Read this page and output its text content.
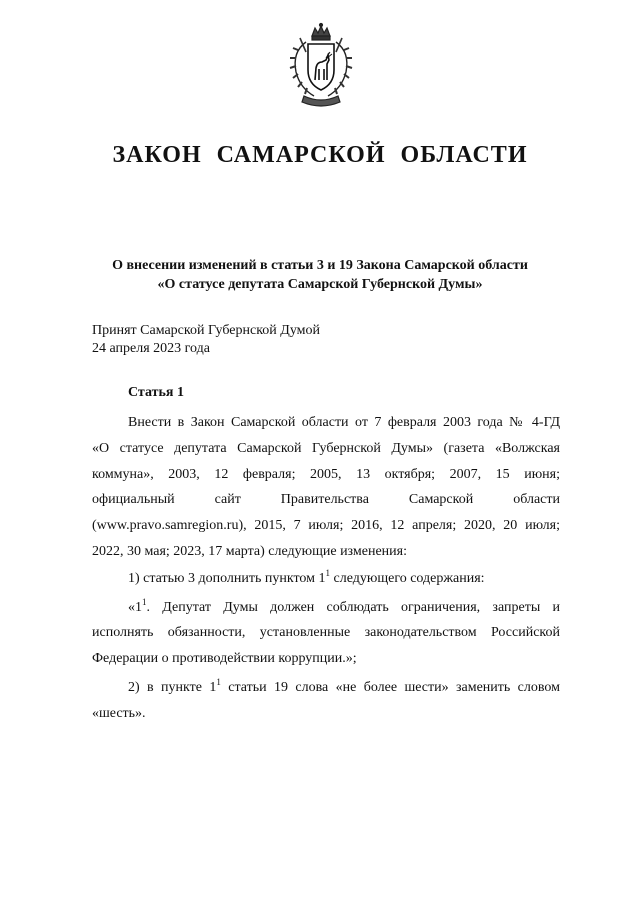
ЗАКОН САМАРСКОЙ ОБЛАСТИ
О внесении изменений в статьи 3 и 19 Закона Самарской области
«О статусе депутата Самарской Губернской Думы»
Принят Самарской Губернской Думой
24 апреля 2023 года
Статья 1

Внести в Закон Самарской области от 7 февраля 2003 года № 4-ГД
«О статусе депутата Самарской Губернской Думы» (газета «Волжская
коммуна», 2003, 12 февраля; 2005, 13 октября; 2007, 15 июня;
официальный сайт Правительства Самарской области
(www.pravo.samregion.ru), 2015, 7 июля; 2016, 12 апреля; 2020, 20 июля;
2022, 30 мая; 2023, 17 марта) следующие изменения:

1) статью 3 дополнить пунктом $1^1$ следующего содержания:

«$1^1$. Депутат Думы должен соблюдать ограничения, запреты и исполнять обязанности, установленные законодательством Российской Федерации о противодействии коррупции.»;

2) в пункте $1^1$ статьи 19 слова «не более шести» заменить словом «шесть».
